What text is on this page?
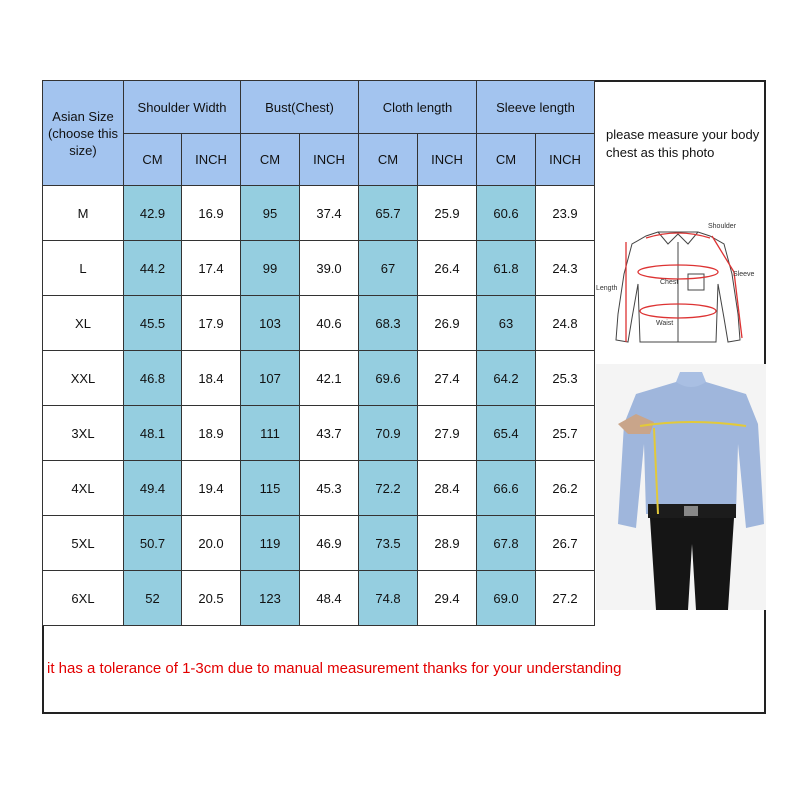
Asian Size (choose this size)	Shoulder Width		Bust(Chest)		Cloth length		Sleeve length	
	CM	INCH	CM	INCH	CM	INCH	CM	INCH
M	42.9	16.9	95	37.4	65.7	25.9	60.6	23.9
L	44.2	17.4	99	39.0	67	26.4	61.8	24.3
XL	45.5	17.9	103	40.6	68.3	26.9	63	24.8
XXL	46.8	18.4	107	42.1	69.6	27.4	64.2	25.3
3XL	48.1	18.9	111	43.7	70.9	27.9	65.4	25.7
4XL	49.4	19.4	115	45.3	72.2	28.4	66.6	26.2
5XL	50.7	20.0	119	46.9	73.5	28.9	67.8	26.7
6XL	52	20.5	123	48.4	74.8	29.4	69.0	27.2
please measure your body chest as this photo
Shoulder
Sleeve
Length
Chest
Waist
it has a tolerance of 1-3cm due to manual measurement thanks for your understanding
